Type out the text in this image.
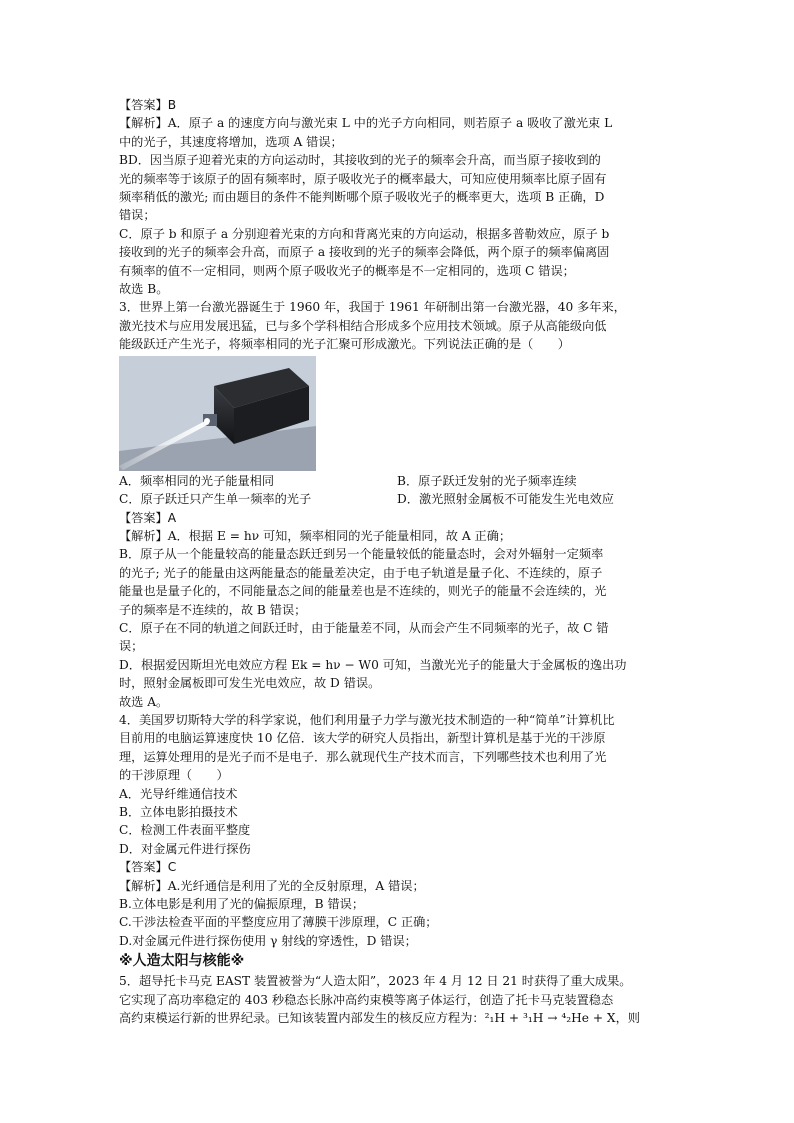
【答案】B
【解析】A．原子 a 的速度方向与激光束 L 中的光子方向相同，则若原子 a 吸收了激光束 L
中的光子，其速度将增加，选项 A 错误；
BD．因当原子迎着光束的方向运动时，其接收到的光子的频率会升高，而当原子接收到的
光的频率等于该原子的固有频率时，原子吸收光子的概率最大，可知应使用频率比原子固有
频率稍低的激光; 而由题目的条件不能判断哪个原子吸收光子的概率更大，选项 B 正确，D
错误；
C．原子 b 和原子 a 分别迎着光束的方向和背离光束的方向运动，根据多普勒效应，原子 b
接收到的光子的频率会升高，而原子 a 接收到的光子的频率会降低，两个原子的频率偏离固
有频率的值不一定相同，则两个原子吸收光子的概率是不一定相同的，选项 C 错误；
故选 B。
3．世界上第一台激光器诞生于 1960 年，我国于 1961 年研制出第一台激光器，40 多年来，
激光技术与应用发展迅猛，已与多个学科相结合形成多个应用技术领域。原子从高能级向低
能级跃迁产生光子，将频率相同的光子汇聚可形成激光。下列说法正确的是（　　）
A．频率相同的光子能量相同	B．原子跃迁发射的光子频率连续
C．原子跃迁只产生单一频率的光子	D．激光照射金属板不可能发生光电效应
【答案】A
【解析】A．根据 E = hν 可知，频率相同的光子能量相同，故 A 正确；
B．原子从一个能量较高的能量态跃迁到另一个能量较低的能量态时，会对外辐射一定频率
的光子; 光子的能量由这两能量态的能量差决定，由于电子轨道是量子化、不连续的，原子
能量也是量子化的，不同能量态之间的能量差也是不连续的，则光子的能量不会连续的，光
子的频率是不连续的，故 B 错误；
C．原子在不同的轨道之间跃迁时，由于能量差不同，从而会产生不同频率的光子，故 C 错
误；
D．根据爱因斯坦光电效应方程 Ek = hν − W0 可知，当激光光子的能量大于金属板的逸出功
时，照射金属板即可发生光电效应，故 D 错误。
故选 A。
4．美国罗切斯特大学的科学家说，他们利用量子力学与激光技术制造的一种“简单”计算机比
目前用的电脑运算速度快 10 亿倍．该大学的研究人员指出，新型计算机是基于光的干涉原
理，运算处理用的是光子而不是电子．那么就现代生产技术而言，下列哪些技术也利用了光
的干涉原理（　　）
A．光导纤维通信技术
B．立体电影拍摄技术
C．检测工件表面平整度
D．对金属元件进行探伤
【答案】C
【解析】A.光纤通信是利用了光的全反射原理，A 错误；
B.立体电影是利用了光的偏振原理，B 错误；
C.干涉法检查平面的平整度应用了薄膜干涉原理，C 正确；
D.对金属元件进行探伤使用 γ 射线的穿透性，D 错误；
※人造太阳与核能※
5．超导托卡马克 EAST 装置被誉为“人造太阳”，2023 年 4 月 12 日 21 时获得了重大成果。
它实现了高功率稳定的 403 秒稳态长脉冲高约束模等离子体运行，创造了托卡马克装置稳态
高约束模运行新的世界纪录。已知该装置内部发生的核反应方程为：²₁H + ³₁H → ⁴₂He + X，则
